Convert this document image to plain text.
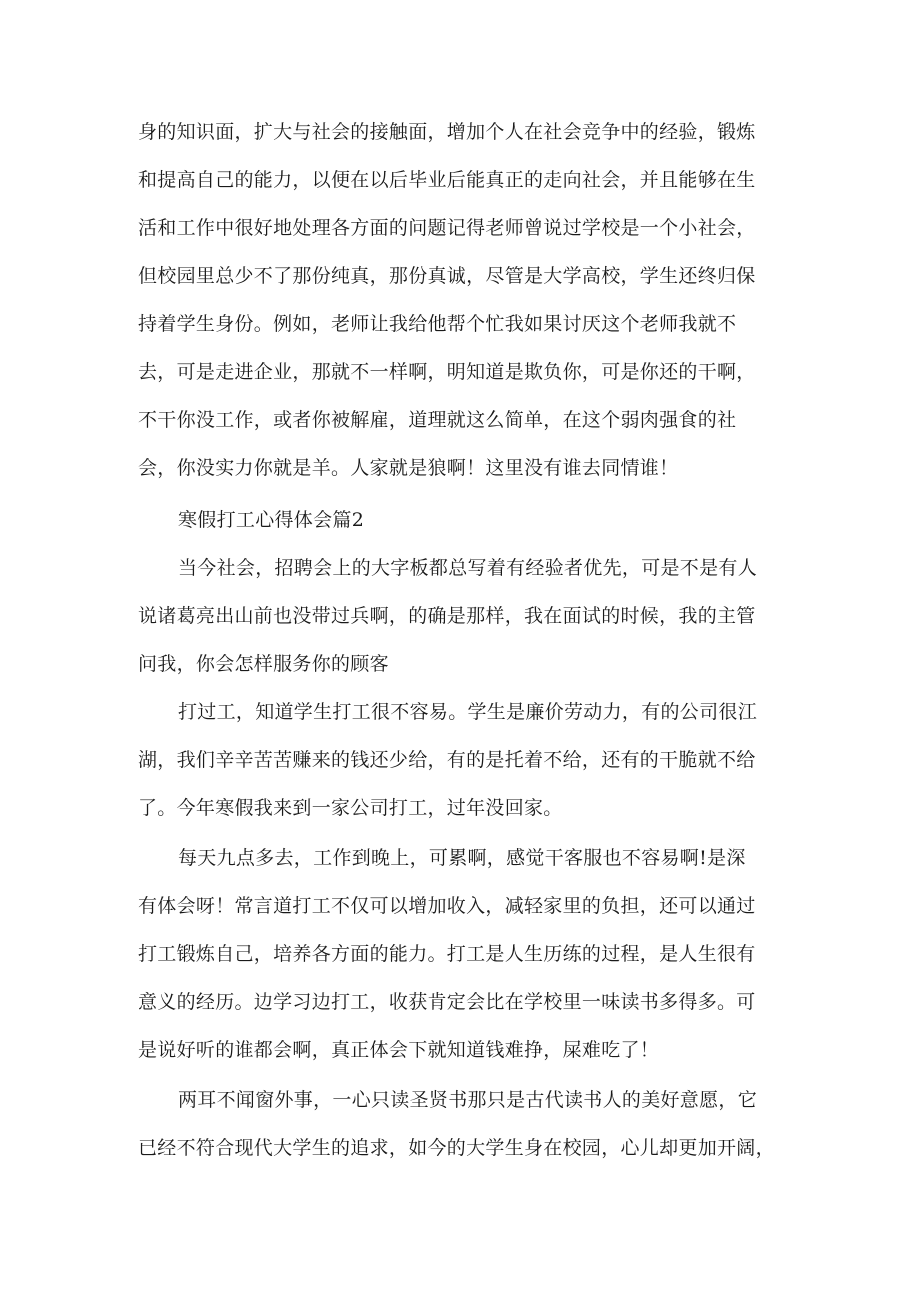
身的知识面，扩大与社会的接触面，增加个人在社会竞争中的经验，锻炼
和提高自己的能力，以便在以后毕业后能真正的走向社会，并且能够在生
活和工作中很好地处理各方面的问题记得老师曾说过学校是一个小社会，
但校园里总少不了那份纯真，那份真诚，尽管是大学高校，学生还终归保
持着学生身份。例如，老师让我给他帮个忙我如果讨厌这个老师我就不
去，可是走进企业，那就不一样啊，明知道是欺负你，可是你还的干啊，
不干你没工作，或者你被解雇，道理就这么简单，在这个弱肉强食的社
会，你没实力你就是羊。人家就是狼啊！这里没有谁去同情谁！
寒假打工心得体会篇2
当今社会，招聘会上的大字板都总写着有经验者优先，可是不是有人
说诸葛亮出山前也没带过兵啊，的确是那样，我在面试的时候，我的主管
问我，你会怎样服务你的顾客
打过工，知道学生打工很不容易。学生是廉价劳动力，有的公司很江
湖，我们辛辛苦苦赚来的钱还少给，有的是托着不给，还有的干脆就不给
了。今年寒假我来到一家公司打工，过年没回家。
每天九点多去，工作到晚上，可累啊，感觉干客服也不容易啊!是深
有体会呀！常言道打工不仅可以增加收入，减轻家里的负担，还可以通过
打工锻炼自己，培养各方面的能力。打工是人生历练的过程，是人生很有
意义的经历。边学习边打工，收获肯定会比在学校里一味读书多得多。可
是说好听的谁都会啊，真正体会下就知道钱难挣，屎难吃了！
两耳不闻窗外事，一心只读圣贤书那只是古代读书人的美好意愿，它
已经不符合现代大学生的追求，如今的大学生身在校园，心儿却更加开阔，
